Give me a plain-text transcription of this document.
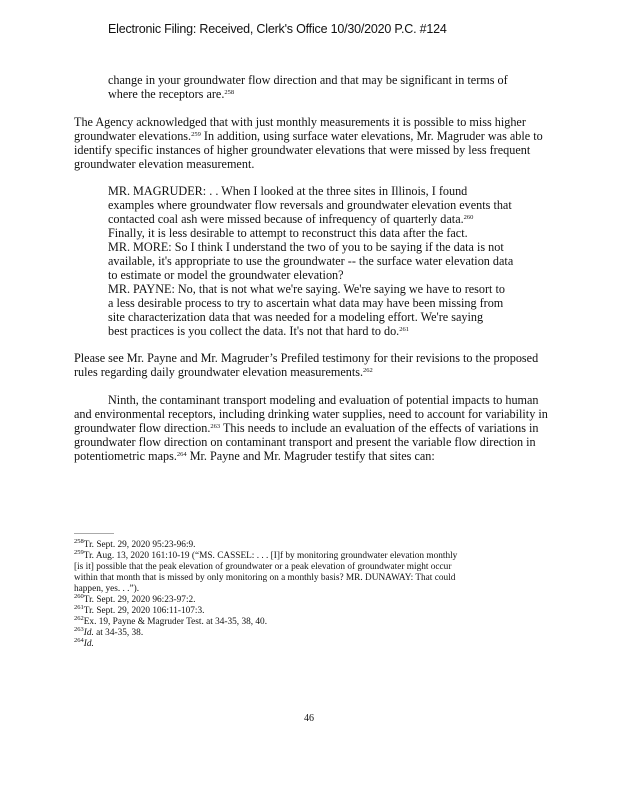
Electronic Filing: Received, Clerk's Office 10/30/2020 P.C. #124
change in your groundwater flow direction and that may be significant in terms of
where the receptors are.$^{258}$
The Agency acknowledged that with just monthly measurements it is possible to miss higher
groundwater elevations.$^{259}$ In addition, using surface water elevations, Mr. Magruder was able to
identify specific instances of higher groundwater elevations that were missed by less frequent
groundwater elevation measurement.
MR. MAGRUDER: . . When I looked at the three sites in Illinois, I found
examples where groundwater flow reversals and groundwater elevation events that
contacted coal ash were missed because of infrequency of quarterly data.$^{260}$
Finally, it is less desirable to attempt to reconstruct this data after the fact.
MR. MORE: So I think I understand the two of you to be saying if the data is not
available, it's appropriate to use the groundwater -- the surface water elevation data
to estimate or model the groundwater elevation?
MR. PAYNE: No, that is not what we're saying. We're saying we have to resort to
a less desirable process to try to ascertain what data may have been missing from
site characterization data that was needed for a modeling effort. We're saying
best practices is you collect the data. It's not that hard to do.$^{261}$
Please see Mr. Payne and Mr. Magruder’s Prefiled testimony for their revisions to the proposed
rules regarding daily groundwater elevation measurements.$^{262}$
Ninth, the contaminant transport modeling and evaluation of potential impacts to human
and environmental receptors, including drinking water supplies, need to account for variability in
groundwater flow direction.$^{263}$ This needs to include an evaluation of the effects of variations in
groundwater flow direction on contaminant transport and present the variable flow direction in
potentiometric maps.$^{264}$ Mr. Payne and Mr. Magruder testify that sites can:
$^{258}$Tr. Sept. 29, 2020 95:23-96:9.
$^{259}$Tr. Aug. 13, 2020 161:10-19 (“MS. CASSEL: . . . [I]f by monitoring groundwater elevation monthly
[is it] possible that the peak elevation of groundwater or a peak elevation of groundwater might occur
within that month that is missed by only monitoring on a monthly basis? MR. DUNAWAY: That could
happen, yes. . .”).
$^{260}$Tr. Sept. 29, 2020 96:23-97:2.
$^{261}$Tr. Sept. 29, 2020 106:11-107:3.
$^{262}$Ex. 19, Payne & Magruder Test. at 34-35, 38, 40.
$^{263}$Id. at 34-35, 38.
$^{264}$Id.
46
